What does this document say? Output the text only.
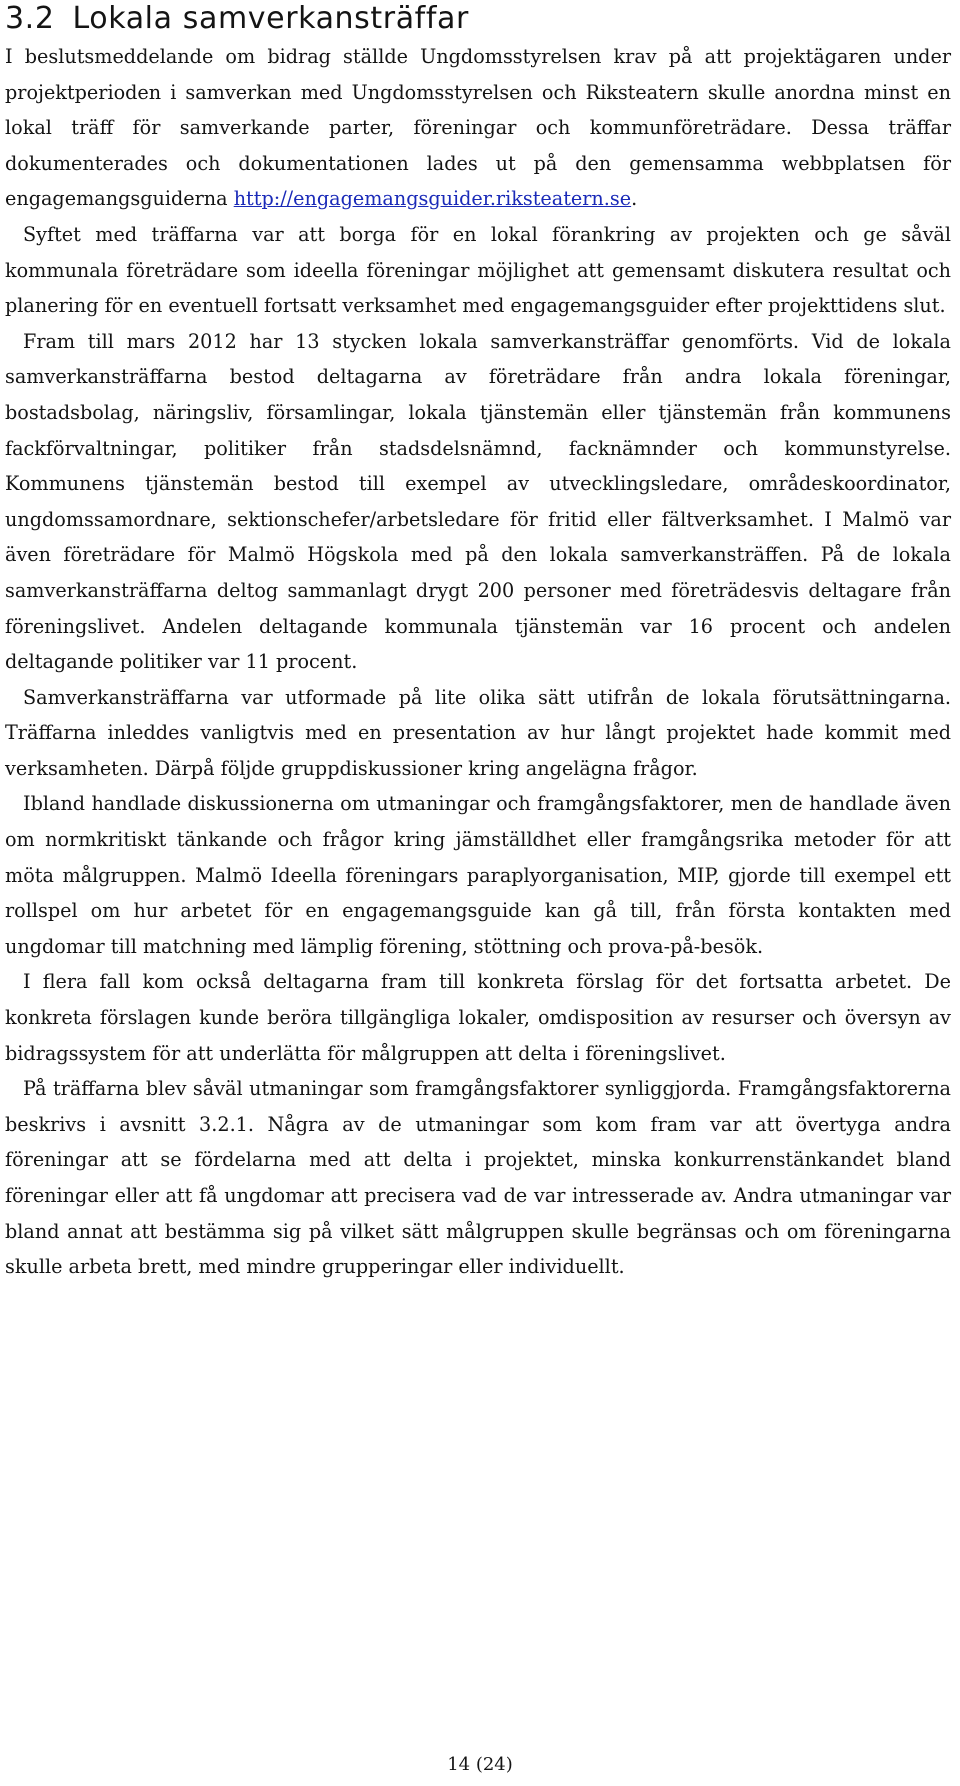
3.2 Lokala samverkansträffar

I beslutsmeddelande om bidrag ställde Ungdomsstyrelsen krav på att projektägaren under projektperioden i samverkan med Ungdomsstyrelsen och Riksteatern skulle anordna minst en lokal träff för samverkande parter, föreningar och kommunföreträdare. Dessa träffar dokumenterades och dokumentationen lades ut på den gemensamma webbplatsen för engagemangsguiderna http://engagemangsguider.riksteatern.se.

Syftet med träffarna var att borga för en lokal förankring av projekten och ge såväl kommunala företrädare som ideella föreningar möjlighet att gemensamt diskutera resultat och planering för en eventuell fortsatt verksamhet med engagemangsguider efter projekttidens slut.

Fram till mars 2012 har 13 stycken lokala samverkansträffar genomförts. Vid de lokala samverkansträffarna bestod deltagarna av företrädare från andra lokala föreningar, bostadsbolag, näringsliv, församlingar, lokala tjänstemän eller tjänstemän från kommunens fackförvaltningar, politiker från stadsdelsnämnd, facknämnder och kommunstyrelse. Kommunens tjänstemän bestod till exempel av utvecklingsledare, områdeskoordinator, ungdomssamordnare, sektionschefer/arbetsledare för fritid eller fältverksamhet. I Malmö var även företrädare för Malmö Högskola med på den lokala samverkansträffen. På de lokala samverkansträffarna deltog sammanlagt drygt 200 personer med företrädesvis deltagare från föreningslivet. Andelen deltagande kommunala tjänstemän var 16 procent och andelen deltagande politiker var 11 procent.

Samverkansträffarna var utformade på lite olika sätt utifrån de lokala förutsättningarna. Träffarna inleddes vanligtvis med en presentation av hur långt projektet hade kommit med verksamheten. Därpå följde gruppdiskussioner kring angelägna frågor.

Ibland handlade diskussionerna om utmaningar och framgångsfaktorer, men de handlade även om normkritiskt tänkande och frågor kring jämställdhet eller framgångsrika metoder för att möta målgruppen. Malmö Ideella föreningars paraplyorganisation, MIP, gjorde till exempel ett rollspel om hur arbetet för en engagemangsguide kan gå till, från första kontakten med ungdomar till matchning med lämplig förening, stöttning och prova-på-besök.

I flera fall kom också deltagarna fram till konkreta förslag för det fortsatta arbetet. De konkreta förslagen kunde beröra tillgängliga lokaler, omdisposition av resurser och översyn av bidragssystem för att underlätta för målgruppen att delta i föreningslivet.

På träffarna blev såväl utmaningar som framgångsfaktorer synliggjorda. Framgångsfaktorerna beskrivs i avsnitt 3.2.1. Några av de utmaningar som kom fram var att övertyga andra föreningar att se fördelarna med att delta i projektet, minska konkurrenstänkandet bland föreningar eller att få ungdomar att precisera vad de var intresserade av. Andra utmaningar var bland annat att bestämma sig på vilket sätt målgruppen skulle begränsas och om föreningarna skulle arbeta brett, med mindre grupperingar eller individuellt.

14 (24)
